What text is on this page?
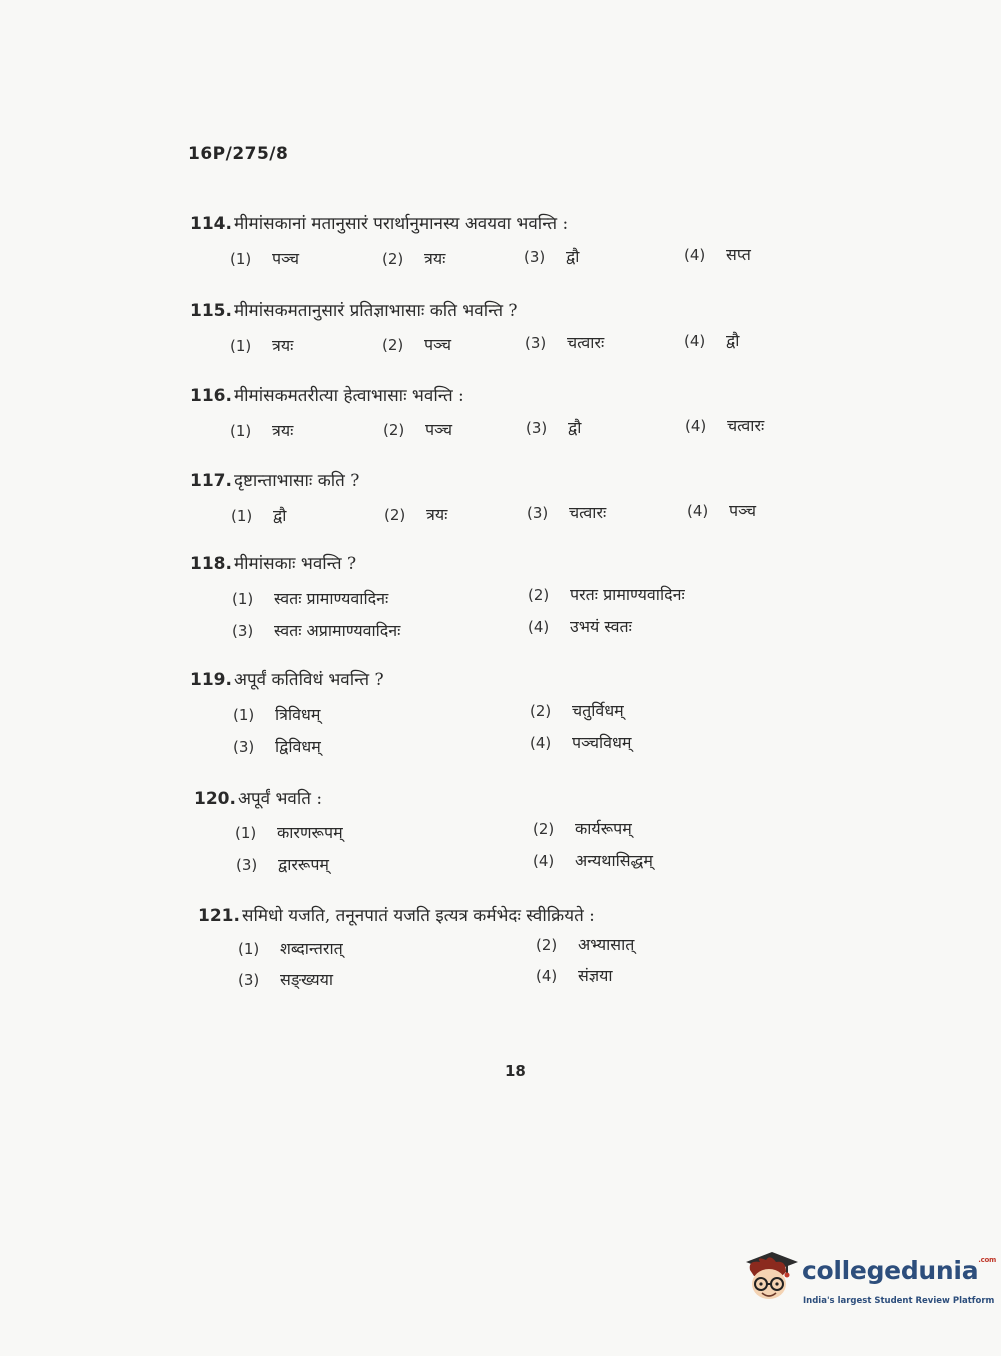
16P/275/8
114. मीमांसकानां मतानुसारं परार्थानुमानस्य अवयवा भवन्ति :
(1) पञ्च	(2) त्रयः	(3) द्वौ	(4) सप्त
115. मीमांसकमतानुसारं प्रतिज्ञाभासाः कति भवन्ति ?
(1) त्रयः	(2) पञ्च	(3) चत्वारः	(4) द्वौ
116. मीमांसकमतरीत्या हेत्वाभासाः भवन्ति :
(1) त्रयः	(2) पञ्च	(3) द्वौ	(4) चत्वारः
117. दृष्टान्ताभासाः कति ?
(1) द्वौ	(2) त्रयः	(3) चत्वारः	(4) पञ्च
118. मीमांसकाः भवन्ति ?
(1) स्वतः प्रामाण्यवादिनः	(2) परतः प्रामाण्यवादिनः
(3) स्वतः अप्रामाण्यवादिनः	(4) उभयं स्वतः
119. अपूर्वं कतिविधं भवन्ति ?
(1) त्रिविधम्	(2) चतुर्विधम्
(3) द्विविधम्	(4) पञ्चविधम्
120. अपूर्वं भवति :
(1) कारणरूपम्	(2) कार्यरूपम्
(3) द्वाररूपम्	(4) अन्यथासिद्धम्
121. समिधो यजति, तनूनपातं यजति इत्यत्र कर्मभेदः स्वीक्रियते :
(1) शब्दान्तरात्	(2) अभ्यासात्
(3) सङ्ख्यया	(4) संज्ञया
18
collegedunia$^{.com}$
India's largest Student Review Platform
